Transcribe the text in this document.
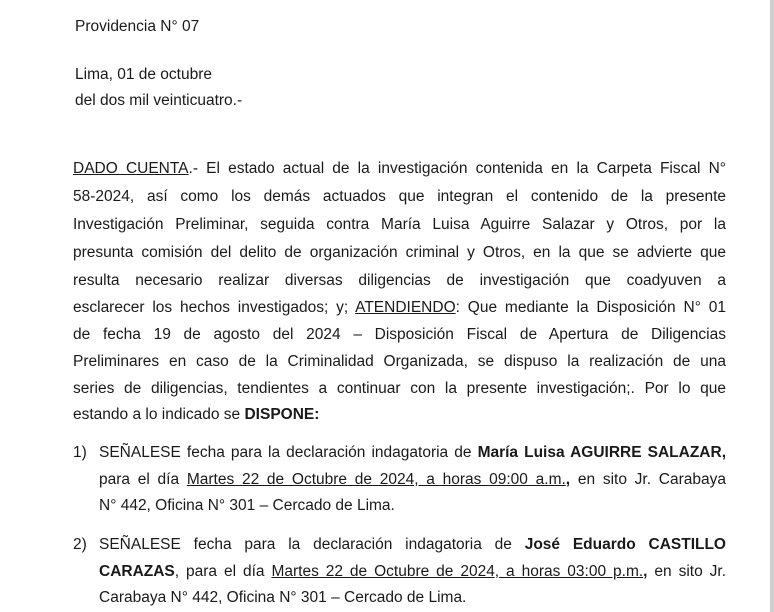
Providencia N° 07
Lima, 01 de octubre
del dos mil veinticuatro.-
DADO CUENTA.- El estado actual de la investigación contenida en la Carpeta Fiscal N°
58-2024, así como los demás actuados que integran el contenido de la presente
Investigación Preliminar, seguida contra María Luisa Aguirre Salazar y Otros, por la
presunta comisión del delito de organización criminal y Otros, en la que se advierte que
resulta necesario realizar diversas diligencias de investigación que coadyuven a
esclarecer los hechos investigados; y; ATENDIENDO: Que mediante la Disposición N° 01
de fecha 19 de agosto del 2024 – Disposición Fiscal de Apertura de Diligencias
Preliminares en caso de la Criminalidad Organizada, se dispuso la realización de una
series de diligencias, tendientes a continuar con la presente investigación;. Por lo que
estando a lo indicado se DISPONE:
1) SEÑALESE fecha para la declaración indagatoria de María Luisa AGUIRRE SALAZAR,
para el día Martes 22 de Octubre de 2024, a horas 09:00 a.m., en sito Jr. Carabaya
N° 442, Oficina N° 301 – Cercado de Lima.
2) SEÑALESE fecha para la declaración indagatoria de José Eduardo CASTILLO
CARAZAS, para el día Martes 22 de Octubre de 2024, a horas 03:00 p.m., en sito Jr.
Carabaya N° 442, Oficina N° 301 – Cercado de Lima.
